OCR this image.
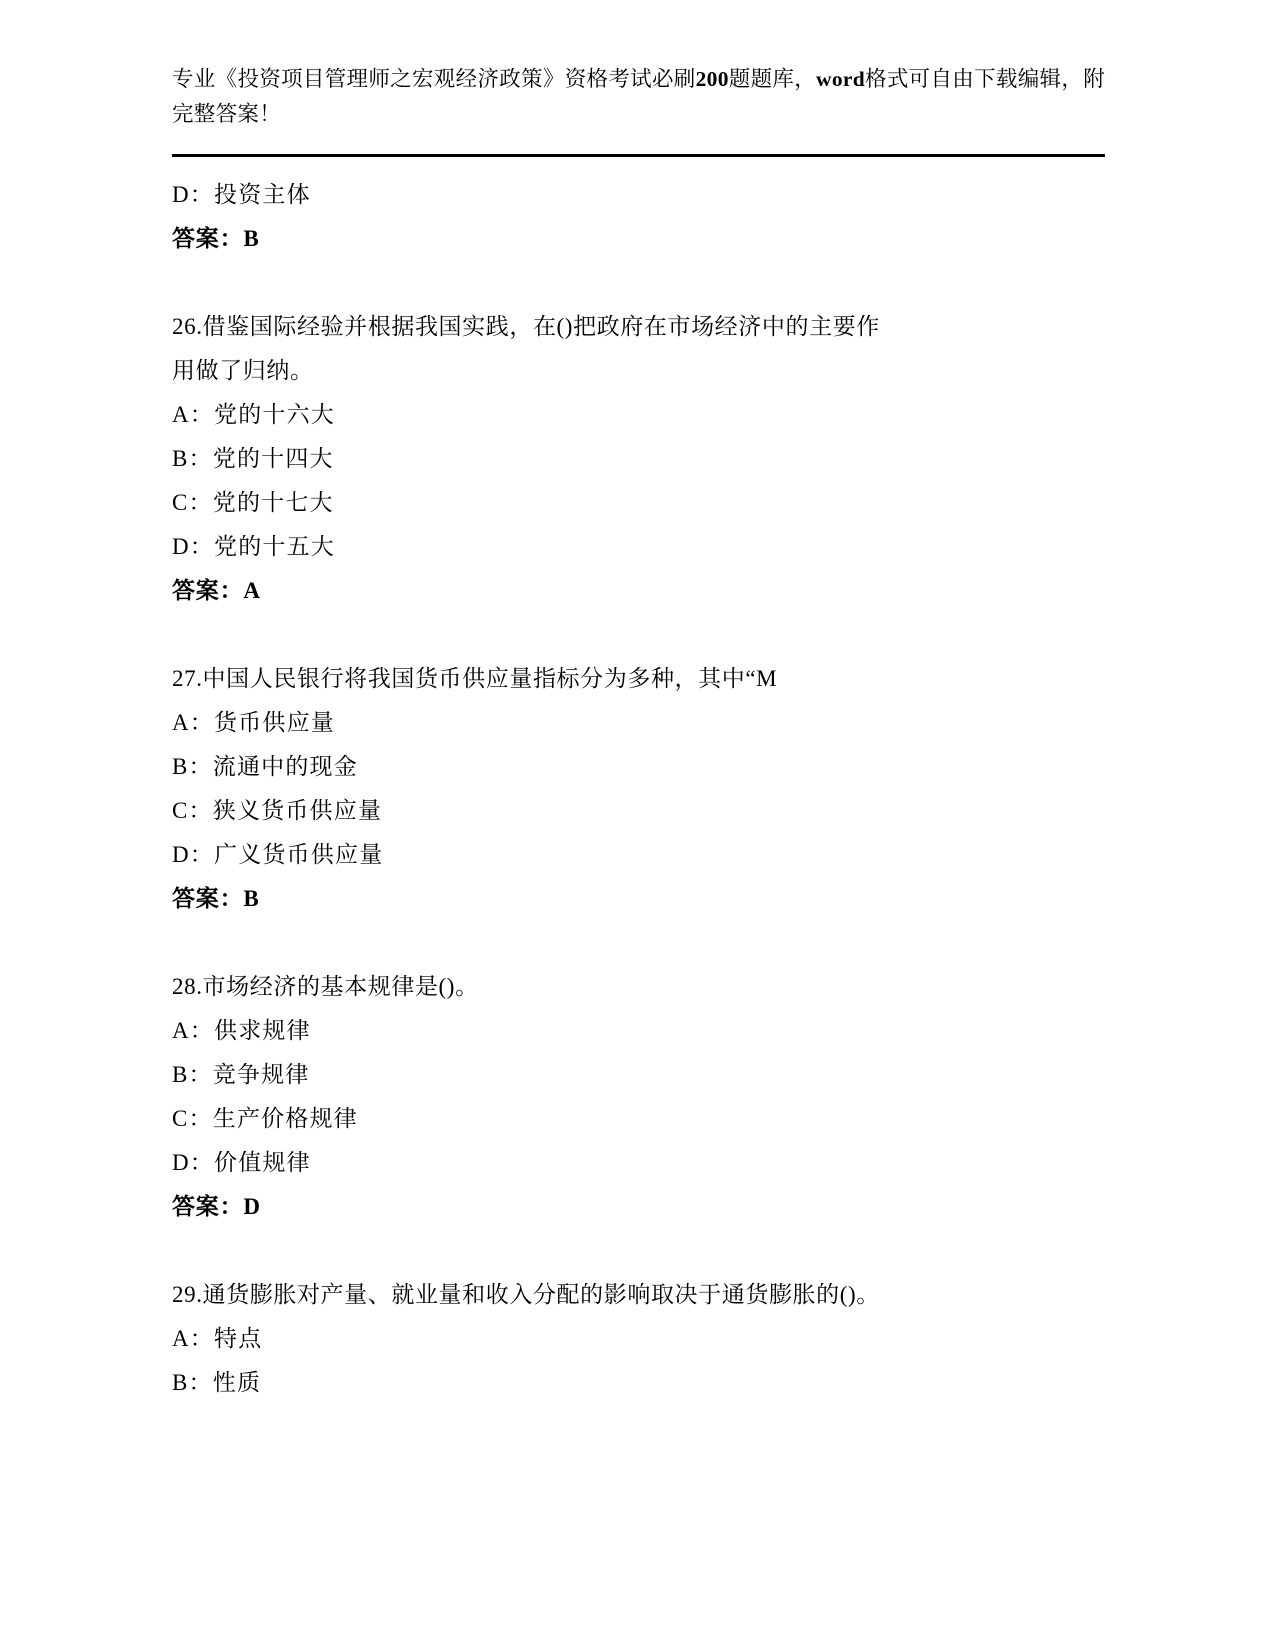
专业《投资项目管理师之宏观经济政策》资格考试必刷200题题库，word格式可自由下载编辑，附完整答案！
D：投资主体
答案：B
26.借鉴国际经验并根据我国实践，在()把政府在市场经济中的主要作
用做了归纳。
A：党的十六大
B：党的十四大
C：党的十七大
D：党的十五大
答案：A
27.中国人民银行将我国货币供应量指标分为多种，其中“M
A：货币供应量
B：流通中的现金
C：狭义货币供应量
D：广义货币供应量
答案：B
28.市场经济的基本规律是()。
A：供求规律
B：竞争规律
C：生产价格规律
D：价值规律
答案：D
29.通货膨胀对产量、就业量和收入分配的影响取决于通货膨胀的()。
A：特点
B：性质
